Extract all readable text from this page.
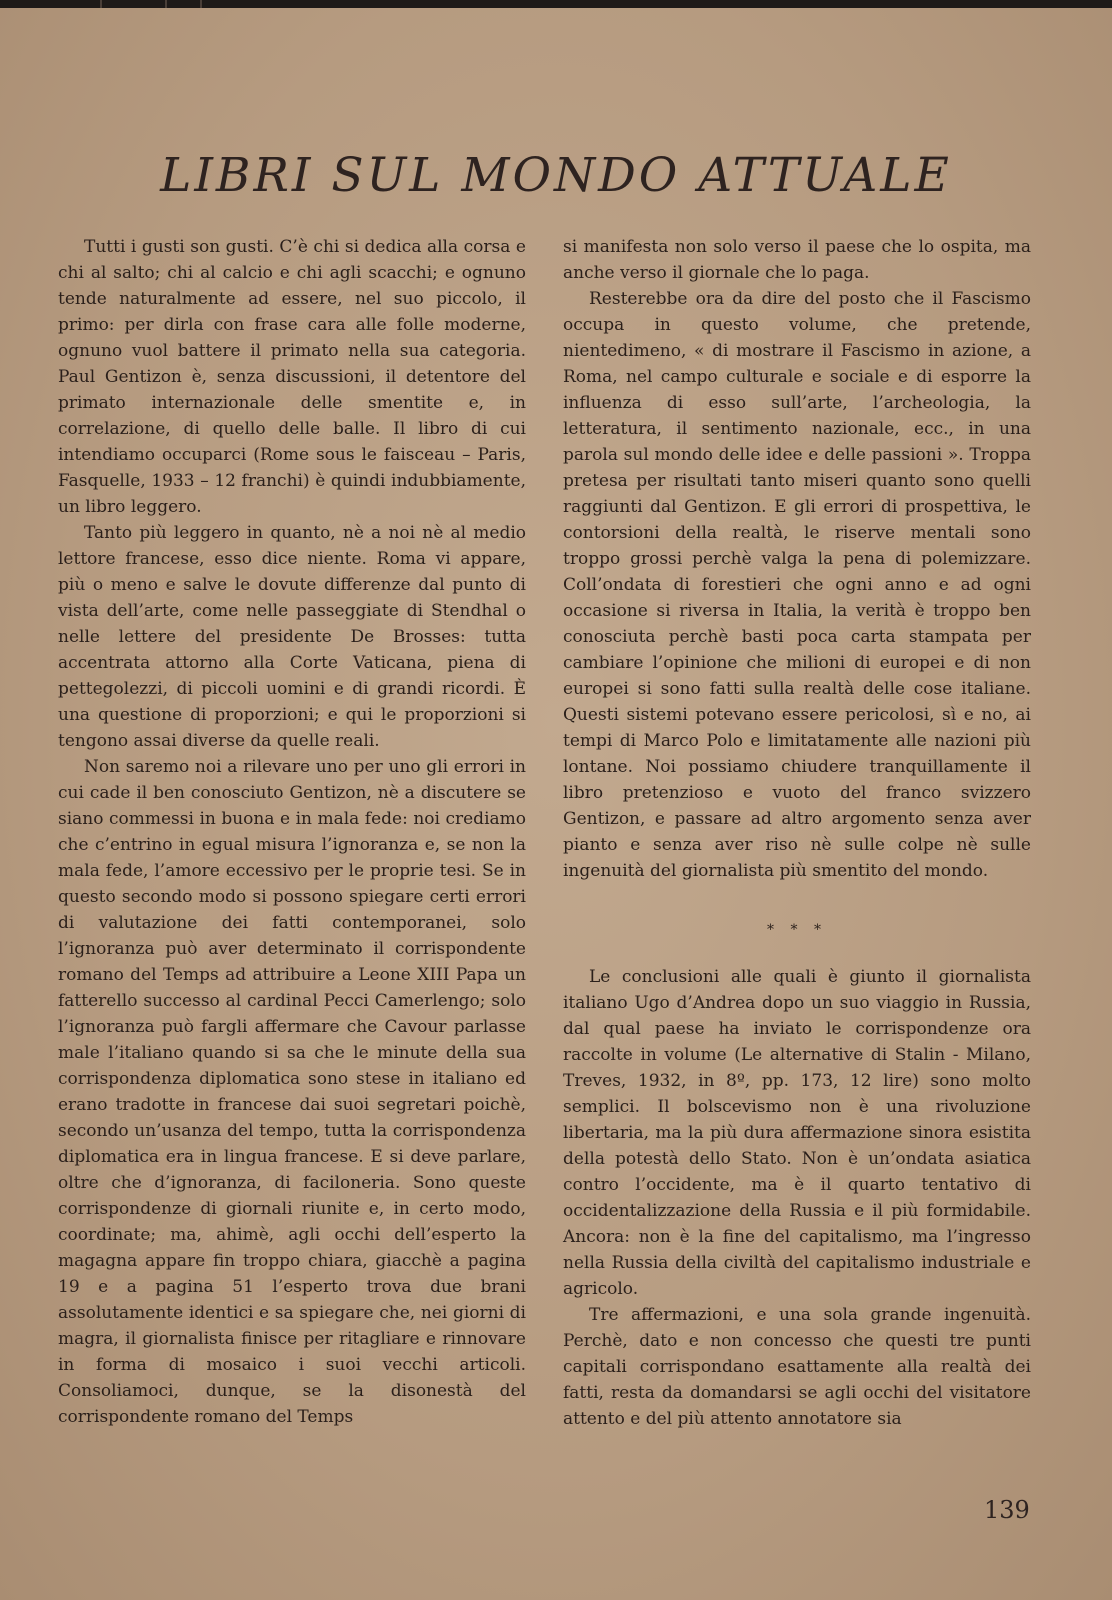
LIBRI SUL MONDO ATTUALE

Tutti i gusti son gusti. C’è chi si dedica alla corsa e chi al salto; chi al calcio e chi agli scacchi; e ognuno tende naturalmente ad essere, nel suo piccolo, il primo: per dirla con frase cara alle folle moderne, ognuno vuol battere il primato nella sua categoria. Paul Gentizon è, senza discussioni, il detentore del primato internazionale delle smentite e, in correlazione, di quello delle balle. Il libro di cui intendiamo occuparci (Rome sous le faisceau – Paris, Fasquelle, 1933 – 12 franchi) è quindi indubbiamente, un libro leggero.

Tanto più leggero in quanto, nè a noi nè al medio lettore francese, esso dice niente. Roma vi appare, più o meno e salve le dovute differenze dal punto di vista dell’arte, come nelle passeggiate di Stendhal o nelle lettere del presidente De Brosses: tutta accentrata attorno alla Corte Vaticana, piena di pettegolezzi, di piccoli uomini e di grandi ricordi. È una questione di proporzioni; e qui le proporzioni si tengono assai diverse da quelle reali.

Non saremo noi a rilevare uno per uno gli errori in cui cade il ben conosciuto Gentizon, nè a discutere se siano commessi in buona e in mala fede: noi crediamo che c’entrino in egual misura l’ignoranza e, se non la mala fede, l’amore eccessivo per le proprie tesi. Se in questo secondo modo si possono spiegare certi errori di valutazione dei fatti contemporanei, solo l’ignoranza può aver determinato il corrispondente romano del Temps ad attribuire a Leone XIII Papa un fatterello successo al cardinal Pecci Camerlengo; solo l’ignoranza può fargli affermare che Cavour parlasse male l’italiano quando si sa che le minute della sua corrispondenza diplomatica sono stese in italiano ed erano tradotte in francese dai suoi segretari poichè, secondo un’usanza del tempo, tutta la corrispondenza diplomatica era in lingua francese. E si deve parlare, oltre che d’ignoranza, di faciloneria. Sono queste corrispondenze di giornali riunite e, in certo modo, coordinate; ma, ahimè, agli occhi dell’esperto la magagna appare fin troppo chiara, giacchè a pagina 19 e a pagina 51 l’esperto trova due brani assolutamente identici e sa spiegare che, nei giorni di magra, il giornalista finisce per ritagliare e rinnovare in forma di mosaico i suoi vecchi articoli. Consoliamoci, dunque, se la disonestà del corrispondente romano del Temps

si manifesta non solo verso il paese che lo ospita, ma anche verso il giornale che lo paga.

Resterebbe ora da dire del posto che il Fascismo occupa in questo volume, che pretende, nientedimeno, « di mostrare il Fascismo in azione, a Roma, nel campo culturale e sociale e di esporre la influenza di esso sull’arte, l’archeologia, la letteratura, il sentimento nazionale, ecc., in una parola sul mondo delle idee e delle passioni ». Troppa pretesa per risultati tanto miseri quanto sono quelli raggiunti dal Gentizon. E gli errori di prospettiva, le contorsioni della realtà, le riserve mentali sono troppo grossi perchè valga la pena di polemizzare. Coll’ondata di forestieri che ogni anno e ad ogni occasione si riversa in Italia, la verità è troppo ben conosciuta perchè basti poca carta stampata per cambiare l’opinione che milioni di europei e di non europei si sono fatti sulla realtà delle cose italiane. Questi sistemi potevano essere pericolosi, sì e no, ai tempi di Marco Polo e limitatamente alle nazioni più lontane. Noi possiamo chiudere tranquillamente il libro pretenzioso e vuoto del franco svizzero Gentizon, e passare ad altro argomento senza aver pianto e senza aver riso nè sulle colpe nè sulle ingenuità del giornalista più smentito del mondo.

* * *

Le conclusioni alle quali è giunto il giornalista italiano Ugo d’Andrea dopo un suo viaggio in Russia, dal qual paese ha inviato le corrispondenze ora raccolte in volume (Le alternative di Stalin - Milano, Treves, 1932, in 8º, pp. 173, 12 lire) sono molto semplici. Il bolscevismo non è una rivoluzione libertaria, ma la più dura affermazione sinora esistita della potestà dello Stato. Non è un’ondata asiatica contro l’occidente, ma è il quarto tentativo di occidentalizzazione della Russia e il più formidabile. Ancora: non è la fine del capitalismo, ma l’ingresso nella Russia della civiltà del capitalismo industriale e agricolo.

Tre affermazioni, e una sola grande ingenuità. Perchè, dato e non concesso che questi tre punti capitali corrispondano esattamente alla realtà dei fatti, resta da domandarsi se agli occhi del visitatore attento e del più attento annotatore sia

139
